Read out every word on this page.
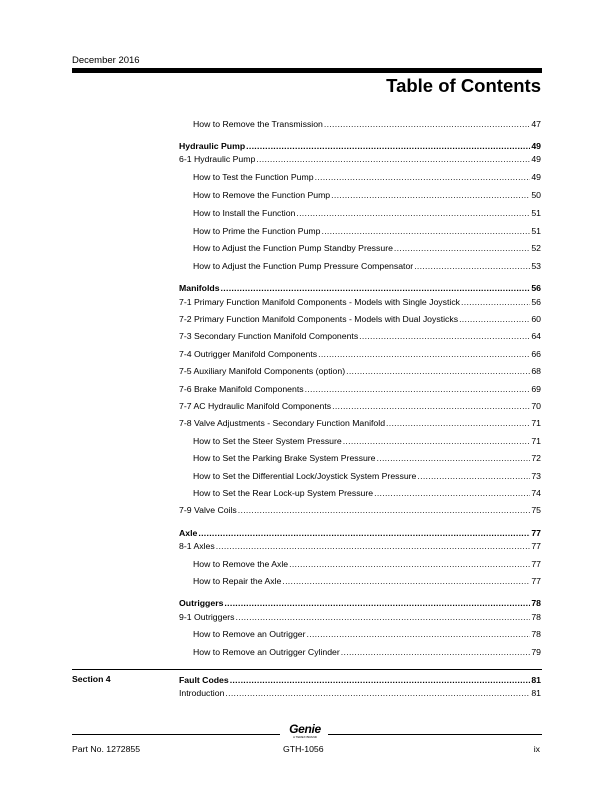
December 2016
Table of Contents
How to Remove the Transmission .....	47
Hydraulic Pump .....	49
6-1 Hydraulic Pump .....	49
How to Test the Function Pump .....	49
How to Remove the Function Pump .....	50
How to Install the Function .....	51
How to Prime the Function Pump .....	51
How to Adjust the Function Pump Standby Pressure .....	52
How to Adjust the Function Pump Pressure Compensator .....	53
Manifolds .....	56
7-1 Primary Function Manifold Components - Models with Single Joystick .....	56
7-2 Primary Function Manifold Components - Models with Dual Joysticks .....	60
7-3 Secondary Function Manifold Components .....	64
7-4 Outrigger Manifold Components .....	66
7-5 Auxiliary Manifold Components (option) .....	68
7-6 Brake Manifold Components .....	69
7-7 AC Hydraulic Manifold Components .....	70
7-8 Valve Adjustments - Secondary Function Manifold .....	71
How to Set the Steer System Pressure .....	71
How to Set the Parking Brake System Pressure .....	72
How to Set the Differential Lock/Joystick System Pressure .....	73
How to Set the Rear Lock-up System Pressure .....	74
7-9 Valve Coils .....	75
Axle .....	77
8-1 Axles .....	77
How to Remove the Axle .....	77
How to Repair the Axle .....	77
Outriggers .....	78
9-1 Outriggers .....	78
How to Remove an Outrigger .....	78
How to Remove an Outrigger Cylinder .....	79
Fault Codes .....	81
Introduction .....	81
Section 4
Genie
A TEREX BRAND
Part No. 1272855	GTH-1056	ix
